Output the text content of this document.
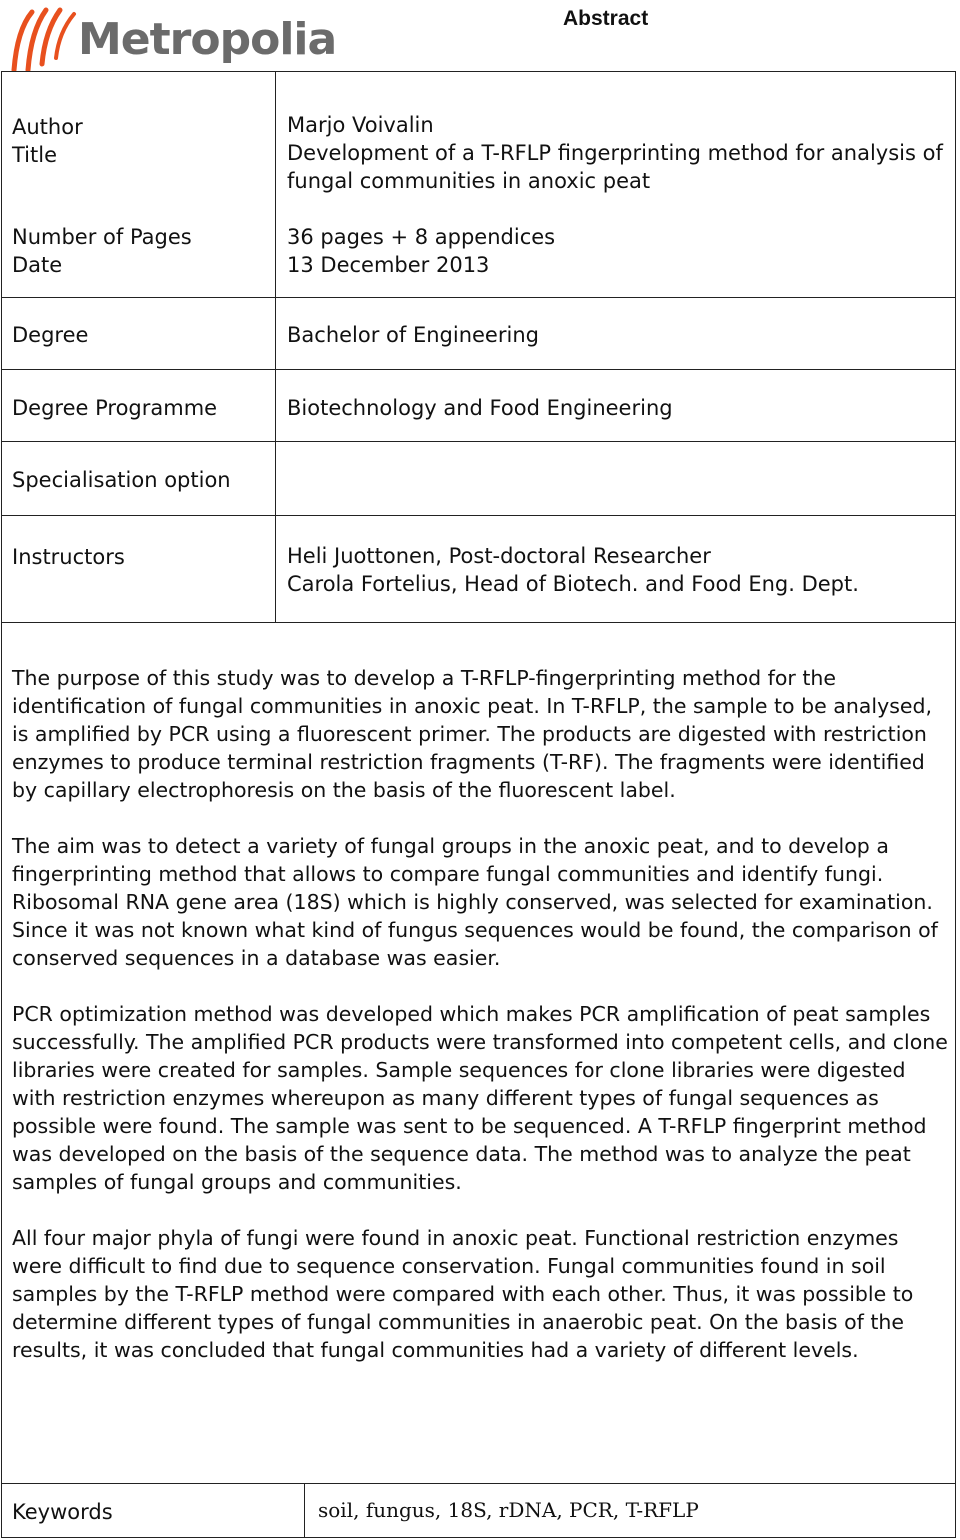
Metropolia	Abstract
Author
Title
Number of Pages
Date
Degree
Degree Programme
Specialisation option
Instructors
Marjo Voivalin
Development of a T-RFLP fingerprinting method for analysis of
fungal communities in anoxic peat
36 pages + 8 appendices
13 December 2013
Bachelor of Engineering
Biotechnology and Food Engineering
Heli Juottonen, Post-doctoral Researcher
Carola Fortelius, Head of Biotech. and Food Eng. Dept.

The purpose of this study was to develop a T-RFLP-fingerprinting method for the identification of fungal communities in anoxic peat. In T-RFLP, the sample to be analysed, is amplified by PCR using a fluorescent primer. The products are digested with restriction enzymes to produce terminal restriction fragments (T-RF). The fragments were identified by capillary electrophoresis on the basis of the fluorescent label.

The aim was to detect a variety of fungal groups in the anoxic peat, and to develop a fingerprinting method that allows to compare fungal communities and identify fungi. Ribosomal RNA gene area (18S) which is highly conserved, was selected for examination. Since it was not known what kind of fungus sequences would be found, the comparison of conserved sequences in a database was easier.

PCR optimization method was developed which makes PCR amplification of peat samples successfully. The amplified PCR products were transformed into competent cells, and clone libraries were created for samples. Sample sequences for clone libraries were digested with restriction enzymes whereupon as many different types of fungal sequences as possible were found. The sample was sent to be sequenced. A T-RFLP fingerprint method was developed on the basis of the sequence data. The method was to analyze the peat samples of fungal groups and communities.

All four major phyla of fungi were found in anoxic peat. Functional restriction enzymes were difficult to find due to sequence conservation. Fungal communities found in soil samples by the T-RFLP method were compared with each other. Thus, it was possible to determine different types of fungal communities in anaerobic peat. On the basis of the results, it was concluded that fungal communities had a variety of different levels.

Keywords	soil, fungus, 18S, rDNA, PCR, T-RFLP
